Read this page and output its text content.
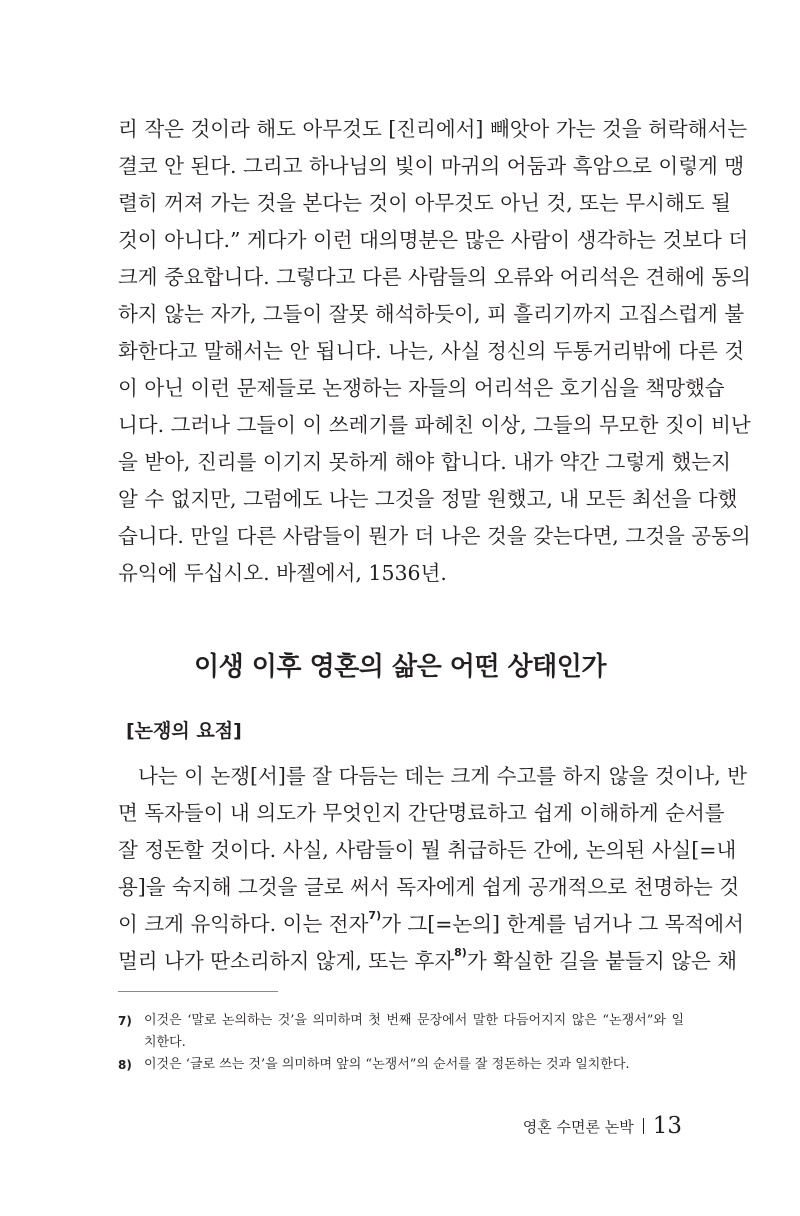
리 작은 것이라 해도 아무것도 [진리에서] 빼앗아 가는 것을 허락해서는
결코 안 된다. 그리고 하나님의 빛이 마귀의 어둠과 흑암으로 이렇게 맹
렬히 꺼져 가는 것을 본다는 것이 아무것도 아닌 것, 또는 무시해도 될
것이 아니다.” 게다가 이런 대의명분은 많은 사람이 생각하는 것보다 더
크게 중요합니다. 그렇다고 다른 사람들의 오류와 어리석은 견해에 동의
하지 않는 자가, 그들이 잘못 해석하듯이, 피 흘리기까지 고집스럽게 불
화한다고 말해서는 안 됩니다. 나는, 사실 정신의 두통거리밖에 다른 것
이 아닌 이런 문제들로 논쟁하는 자들의 어리석은 호기심을 책망했습
니다. 그러나 그들이 이 쓰레기를 파헤친 이상, 그들의 무모한 짓이 비난
을 받아, 진리를 이기지 못하게 해야 합니다. 내가 약간 그렇게 했는지
알 수 없지만, 그럼에도 나는 그것을 정말 원했고, 내 모든 최선을 다했
습니다. 만일 다른 사람들이 뭔가 더 나은 것을 갖는다면, 그것을 공동의
유익에 두십시오. 바젤에서, 1536년.
이생 이후 영혼의 삶은 어떤 상태인가
[논쟁의 요점]
나는 이 논쟁[서]를 잘 다듬는 데는 크게 수고를 하지 않을 것이나, 반
면 독자들이 내 의도가 무엇인지 간단명료하고 쉽게 이해하게 순서를
잘 정돈할 것이다. 사실, 사람들이 뭘 취급하든 간에, 논의된 사실[=내
용]을 숙지해 그것을 글로 써서 독자에게 쉽게 공개적으로 천명하는 것
이 크게 유익하다. 이는 전자$^{7)}$가 그[=논의] 한계를 넘거나 그 목적에서
멀리 나가 딴소리하지 않게, 또는 후자$^{8)}$가 확실한 길을 붙들지 않은 채
7) 이것은 ‘말로 논의하는 것’을 의미하며 첫 번째 문장에서 말한 다듬어지지 않은 “논쟁서”와 일
치한다.
8) 이것은 ‘글로 쓰는 것’을 의미하며 앞의 “논쟁서”의 순서를 잘 정돈하는 것과 일치한다.
영혼 수면론 논박 13
